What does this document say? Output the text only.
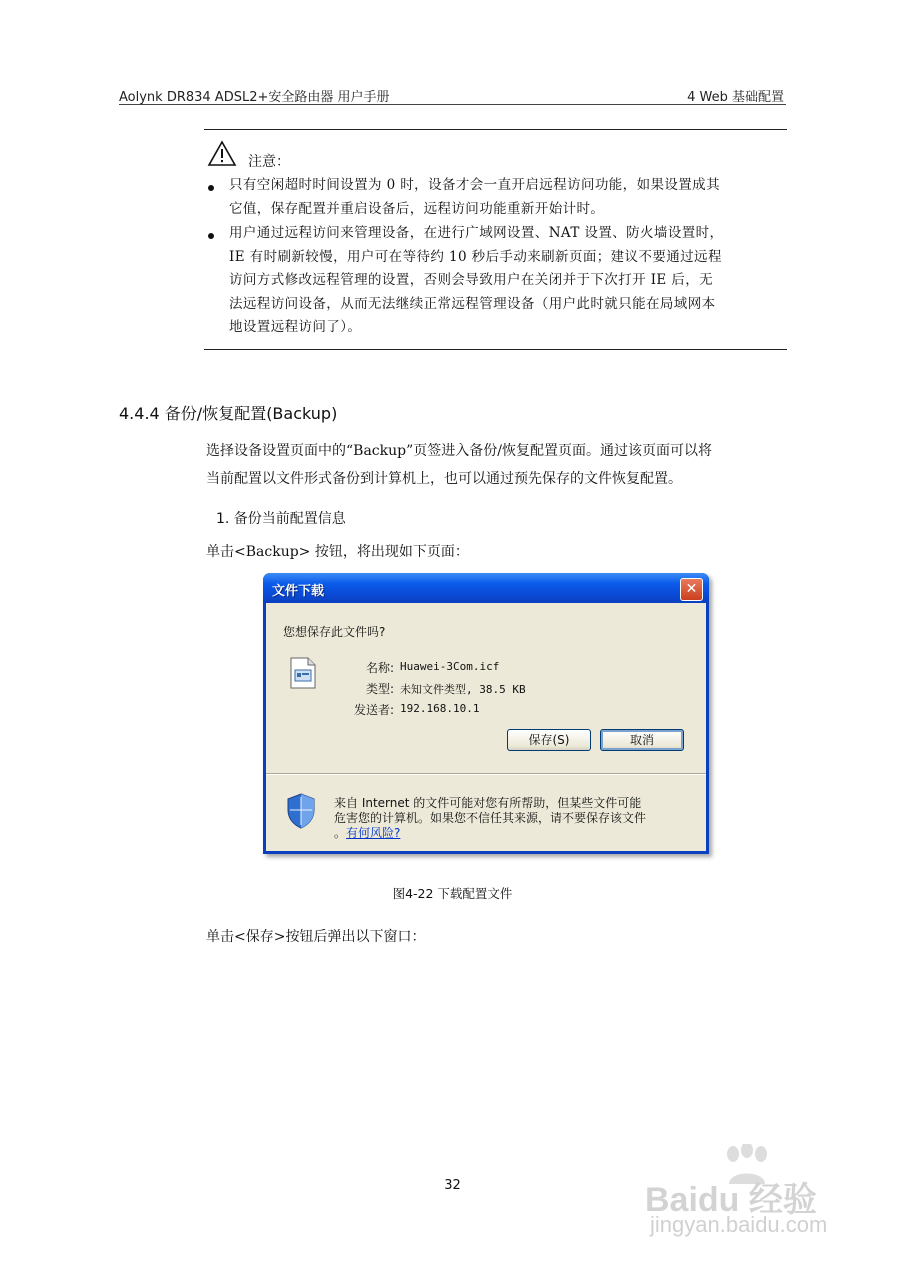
Aolynk DR834 ADSL2+安全路由器 用户手册	4 Web 基础配置
注意：
只有空闲超时时间设置为 0 时，设备才会一直开启远程访问功能，如果设置成其
它值，保存配置并重启设备后，远程访问功能重新开始计时。
用户通过远程访问来管理设备，在进行广域网设置、NAT 设置、防火墙设置时，
IE 有时刷新较慢，用户可在等待约 10 秒后手动来刷新页面；建议不要通过远程
访问方式修改远程管理的设置，否则会导致用户在关闭并于下次打开 IE 后，无
法远程访问设备，从而无法继续正常远程管理设备（用户此时就只能在局域网本
地设置远程访问了）。
4.4.4 备份/恢复配置(Backup)
选择设备设置页面中的“Backup”页签进入备份/恢复配置页面。通过该页面可以将
当前配置以文件形式备份到计算机上，也可以通过预先保存的文件恢复配置。
1. 备份当前配置信息
单击<Backup> 按钮，将出现如下页面：
文件下载	✕
您想保存此文件吗?
名称: Huawei-3Com.icf
类型: 未知文件类型, 38.5 KB
发送者: 192.168.10.1
保存(S)	取消
来自 Internet 的文件可能对您有所帮助，但某些文件可能
危害您的计算机。如果您不信任其来源，请不要保存该文件
。有何风险?
图4-22 下载配置文件
单击<保存>按钮后弹出以下窗口：
32	Baidu 经验
jingyan.baidu.com
